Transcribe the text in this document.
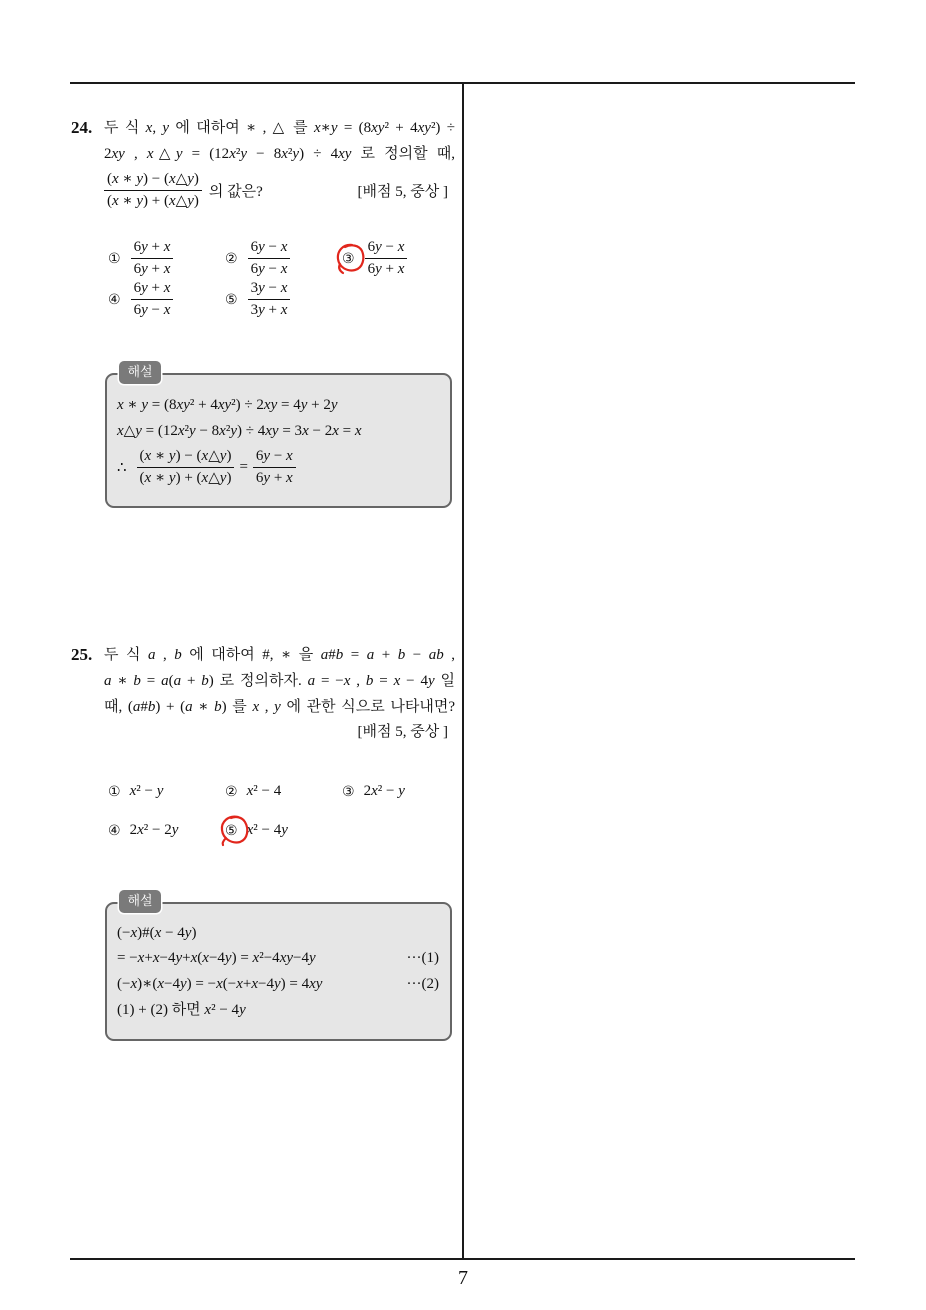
24. 두 식 x, y 에 대하여 ∗ , △ 를 x∗y = (8xy² + 4xy²) ÷
2xy , x△y = (12x²y − 8x²y) ÷ 4xy 로 정의할 때,
$\frac{(x ∗ y) - (x\triangle y)}{(x ∗ y) + (x\triangle y)}$ 의 값은?	[배점 5, 중상 ]
① $\frac{6y + x}{6y + x}$	② $\frac{6y - x}{6y - x}$	③ $\frac{6y - x}{6y + x}$
④ $\frac{6y + x}{6y - x}$	⑤ $\frac{3y - x}{3y + x}$
x ∗ y = (8xy² + 4xy²) ÷ 2xy = 4y + 2y
x△y = (12x²y − 8x²y) ÷ 4xy = 3x − 2x = x
∴ $\frac{(x ∗ y) - (x\triangle y)}{(x ∗ y) + (x\triangle y)} = \frac{6y - x}{6y + x}$
해설
25. 두 식 a , b 에 대하여 #, ∗ 을 a#b = a + b − ab ,
a ∗ b = a(a + b) 로 정의하자. a = −x , b = x − 4y 일
때, (a#b) + (a ∗ b) 를 x , y 에 관한 식으로 나타내면?
[배점 5, 중상 ]
① x² − y	② x² − 4	③ 2x² − y
④ 2x² − 2y	⑤ x² − 4y
(−x)#(x − 4y)
= −x+x−4y+x(x−4y) = x²−4xy−4y	···(1)
(−x)∗(x−4y) = −x(−x+x−4y) = 4xy	···(2)
(1) + (2) 하면 x² − 4y
해설
7
